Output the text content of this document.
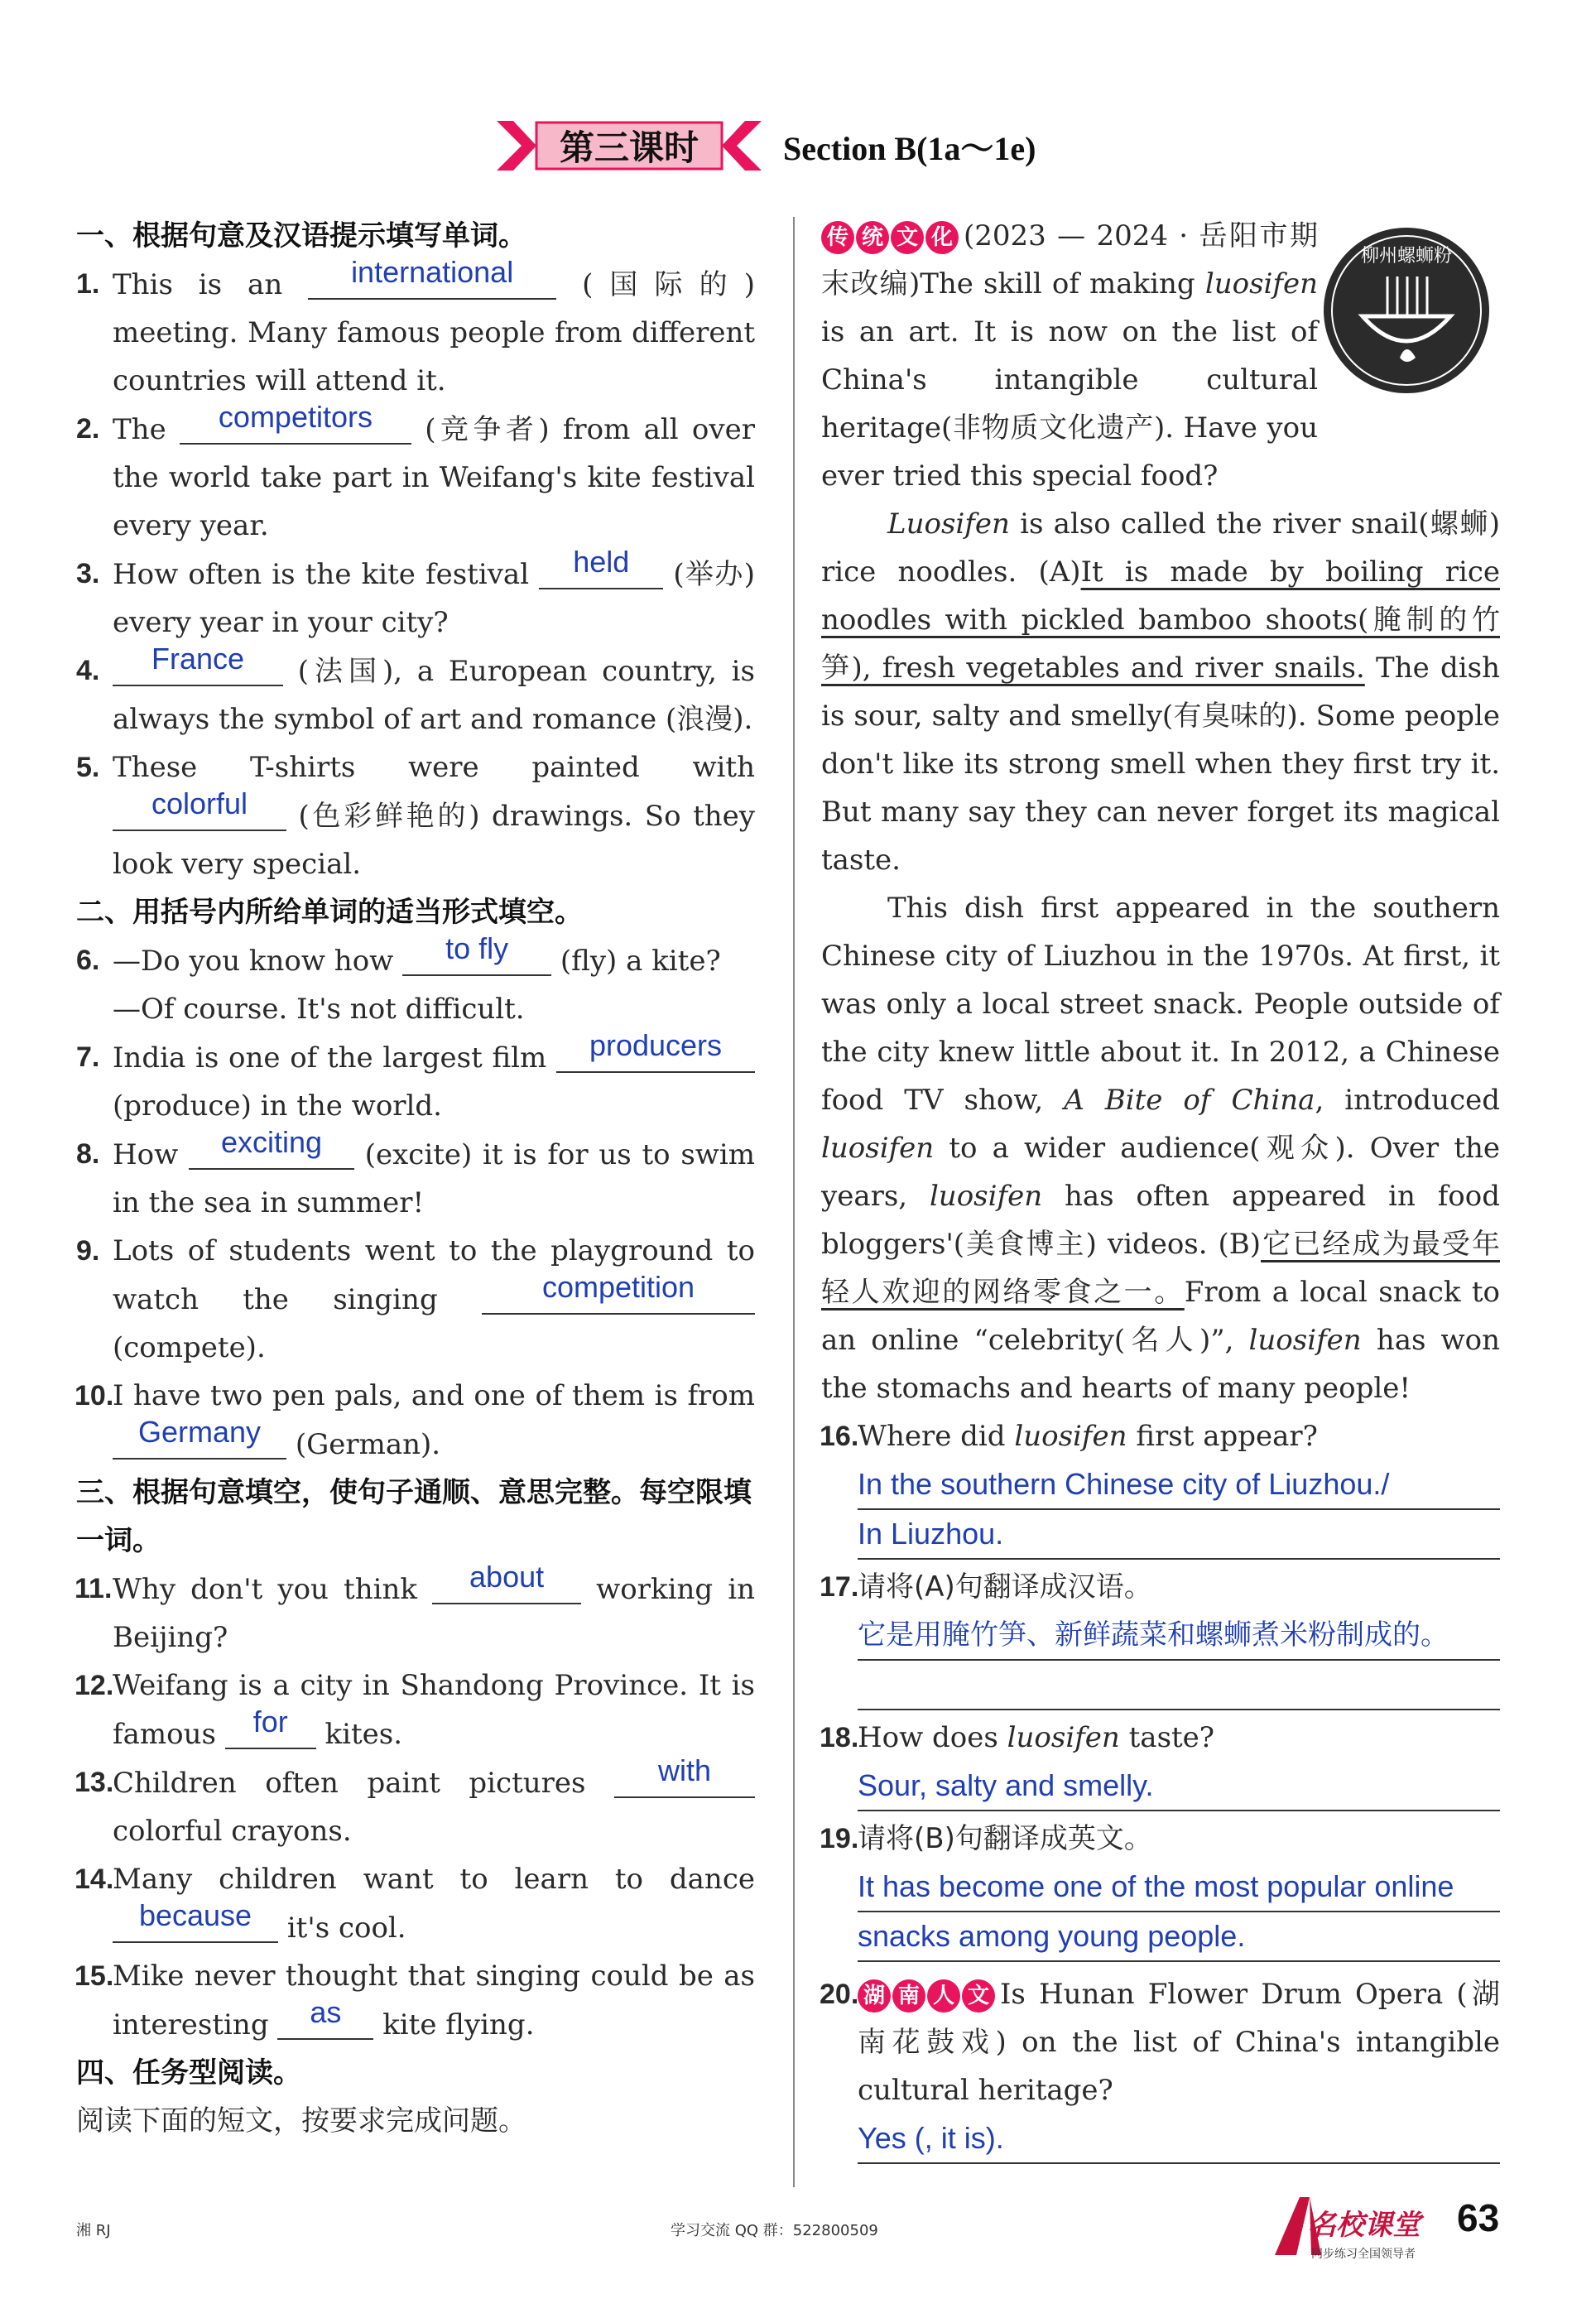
第三课时	Section B(1a～1e)
一、根据句意及汉语提示填写单词。
1. This is an international (国际的) meeting. Many famous people from different countries will attend it.
2. The competitors (竞争者) from all over the world take part in Weifang's kite festival every year.
3. How often is the kite festival held (举办) every year in your city?
4. France (法国), a European country, is always the symbol of art and romance (浪漫).
5. These T-shirts were painted with colorful (色彩鲜艳的) drawings. So they look very special.
二、用括号内所给单词的适当形式填空。
6. —Do you know how to fly (fly) a kite?
—Of course. It's not difficult.
7. India is one of the largest film producers (produce) in the world.
8. How exciting (excite) it is for us to swim in the sea in summer!
9. Lots of students went to the playground to watch the singing	competition (compete).
10.
I have two pen pals, and one of them is from Germany (German).
三、根据句意填空，使句子通顺、意思完整。每空限填一词。
11. Why don't you think about working in Beijing?
12.
Weifang is a city in Shandong Province. It is famous for kites.
13.
Children often paint pictures with colorful crayons.
14.
Many children want to learn to dance because it's cool.
15.
Mike never thought that singing could be as interesting as kite flying.
四、任务型阅读。
阅读下面的短文，按要求完成问题。
柳州螺蛳粉
传 统 文 化 (2023 — 2024 · 岳阳市期末改编)The skill of making luosifen is an art. It is now on the list of China's intangible cultural heritage(非物质文化遗产). Have you ever tried this special food?
Luosifen is also called the river snail(螺蛳) rice noodles. (A)It is made by boiling rice noodles with pickled bamboo shoots(腌制的竹笋), fresh vegetables and river snails. The dish is sour, salty and smelly(有臭味的). Some people don't like its strong smell when they first try it. But many say they can never forget its magical taste.
This dish first appeared in the southern Chinese city of Liuzhou in the 1970s. At first, it was only a local street snack. People outside of the city knew little about it. In 2012, a Chinese food TV show, A Bite of China, introduced luosifen to a wider audience(观众). Over the years, luosifen has often appeared in food bloggers'(美食博主) videos. (B)它已经成为最受年轻人欢迎的网络零食之一。From a local snack to an online “celebrity(名人)”, luosifen has won the stomachs and hearts of many people!
16.
Where did luosifen first appear?
In the southern Chinese city of Liuzhou./
In Liuzhou.
17.
请将(A)句翻译成汉语。
它是用腌竹笋、新鲜蔬菜和螺蛳煮米粉制成的。
18.
How does luosifen taste?
Sour, salty and smelly.
19.
请将(B)句翻译成英文。
It has become one of the most popular online
snacks among young people.
20. 湖 南 人 文 Is Hunan Flower Drum Opera (湖南花鼓戏) on the list of China's intangible cultural heritage?
Yes (, it is).
湘 RJ	学习交流 QQ 群：522800509	名校课堂
同步练习全国领导者
63
